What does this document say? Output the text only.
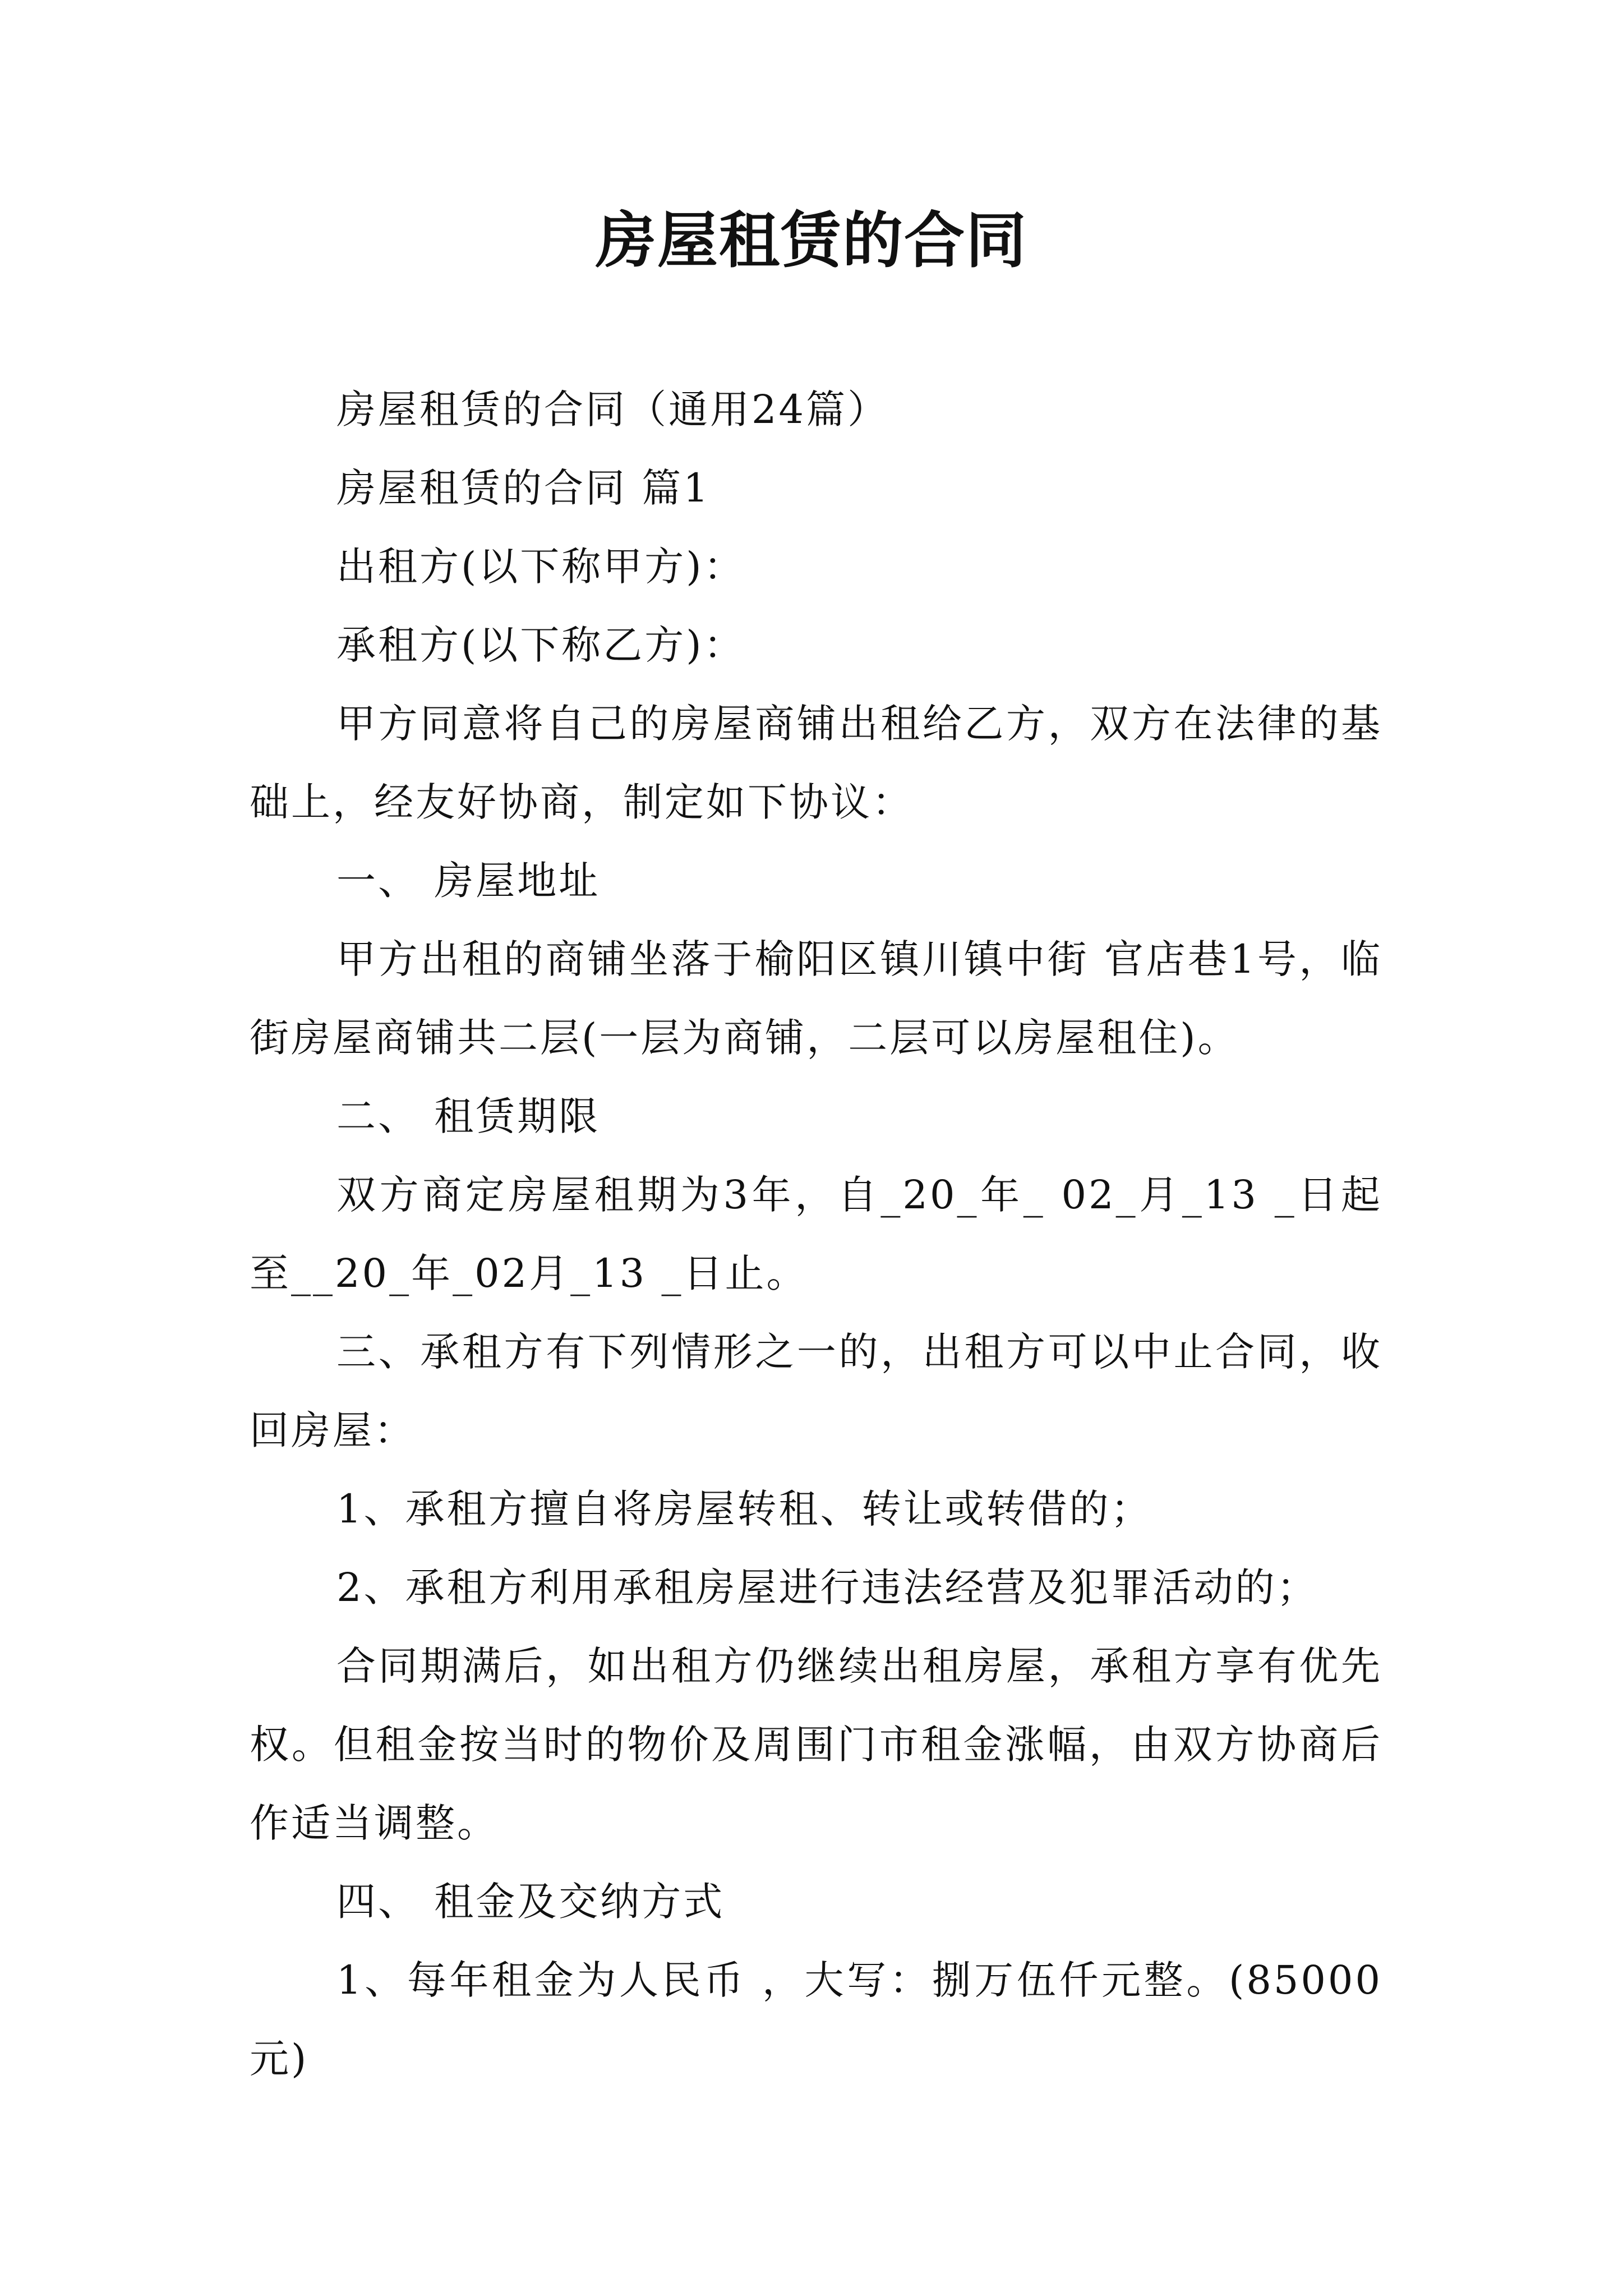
房屋租赁的合同

房屋租赁的合同（通用24篇）

房屋租赁的合同 篇1

出租方(以下称甲方)：

承租方(以下称乙方)：

甲方同意将自己的房屋商铺出租给乙方，双方在法律的基础上，经友好协商，制定如下协议：

一、 房屋地址

甲方出租的商铺坐落于榆阳区镇川镇中街 官店巷1号，临街房屋商铺共二层(一层为商铺，二层可以房屋租住)。

二、 租赁期限

双方商定房屋租期为3年，自_20_年_ 02_月_13 _日起至__20_年_02月_13 _日止。

三、承租方有下列情形之一的，出租方可以中止合同，收回房屋：

1、承租方擅自将房屋转租、转让或转借的；

2、承租方利用承租房屋进行违法经营及犯罪活动的；

合同期满后，如出租方仍继续出租房屋，承租方享有优先权。但租金按当时的物价及周围门市租金涨幅，由双方协商后作适当调整。

四、 租金及交纳方式

1、每年租金为人民币 ，大写：捌万伍仟元整。(85000元)
